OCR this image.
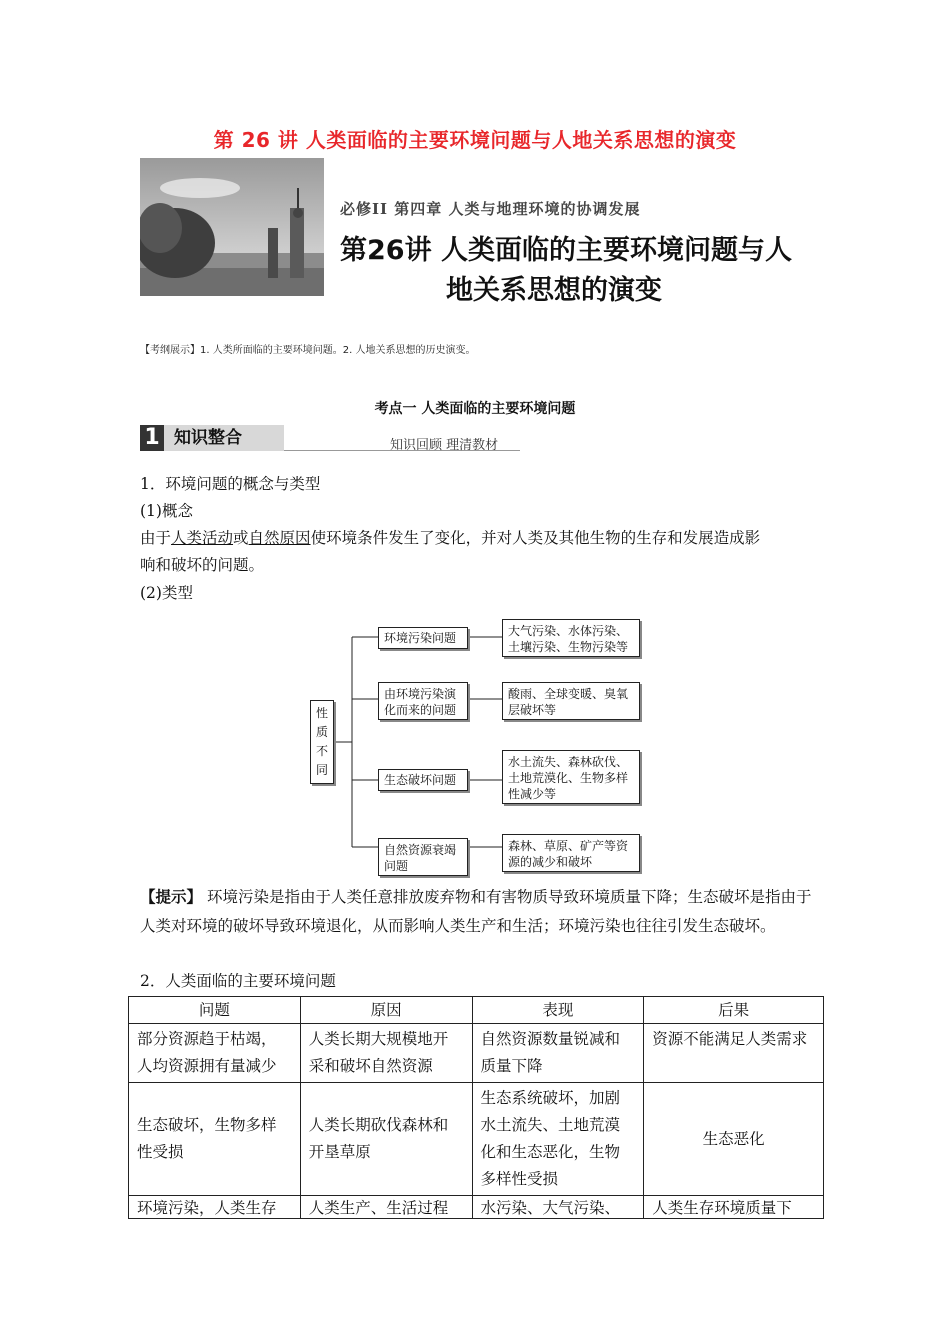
第 26 讲 人类面临的主要环境问题与人地关系思想的演变
必修II 第四章 人类与地理环境的协调发展
第26讲 人类面临的主要环境问题与人
地关系思想的演变
【考纲展示】1. 人类所面临的主要环境问题。2. 人地关系思想的历史演变。
考点一 人类面临的主要环境问题
1 知识整合	知识回顾 理清教材
1．环境问题的概念与类型
(1)概念
由于人类活动或自然原因使环境条件发生了变化，并对人类及其他生物的生存和发展造成影
响和破坏的问题。
(2)类型
性质不同
环境污染问题
由环境污染演化而来的问题
生态破坏问题
自然资源衰竭问题
大气污染、水体污染、土壤污染、生物污染等
酸雨、全球变暖、臭氧层破坏等
水土流失、森林砍伐、土地荒漠化、生物多样性减少等
森林、草原、矿产等资源的减少和破坏
【提示】 环境污染是指由于人类任意排放废弃物和有害物质导致环境质量下降；生态破坏是指由于人类对环境的破坏导致环境退化，从而影响人类生产和生活；环境污染也往往引发生态破坏。
2．人类面临的主要环境问题
问题	原因	表现	后果
部分资源趋于枯竭，人均资源拥有量减少	人类长期大规模地开采和破坏自然资源	自然资源数量锐减和质量下降	资源不能满足人类需求
生态破坏，生物多样性受损	人类长期砍伐森林和开垦草原	生态系统破坏，加剧水土流失、土地荒漠化和生态恶化，生物多样性受损	生态恶化
环境污染，人类生存	人类生产、生活过程	水污染、大气污染、	人类生存环境质量下
